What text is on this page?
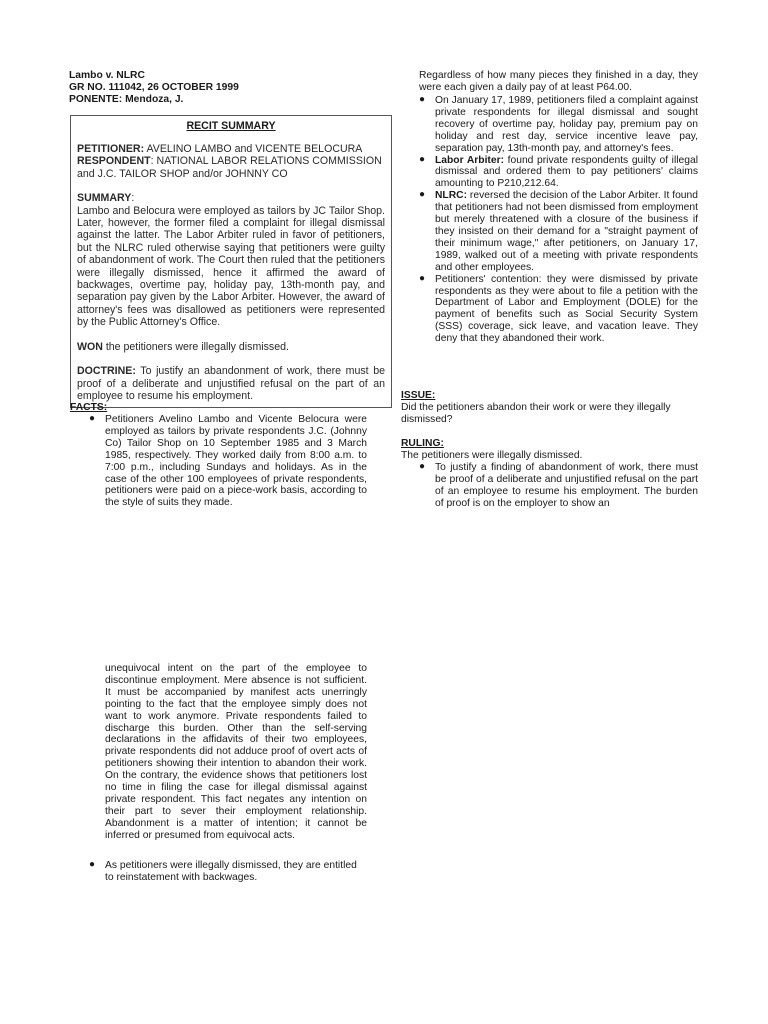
Lambo v. NLRC
GR NO. 111042, 26 OCTOBER 1999
PONENTE: Mendoza, J.
RECIT SUMMARY

PETITIONER: AVELINO LAMBO and VICENTE BELOCURA
RESPONDENT: NATIONAL LABOR RELATIONS COMMISSION and J.C. TAILOR SHOP and/or JOHNNY CO

SUMMARY:

Lambo and Belocura were employed as tailors by JC Tailor Shop. Later, however, the former filed a complaint for illegal dismissal against the latter. The Labor Arbiter ruled in favor of petitioners, but the NLRC ruled otherwise saying that petitioners were guilty of abandonment of work. The Court then ruled that the petitioners were illegally dismissed, hence it affirmed the award of backwages, overtime pay, holiday pay, 13th-month pay, and separation pay given by the Labor Arbiter. However, the award of attorney's fees was disallowed as petitioners were represented by the Public Attorney's Office.

WON the petitioners were illegally dismissed.

DOCTRINE: To justify an abandonment of work, there must be proof of a deliberate and unjustified refusal on the part of an employee to resume his employment.

FACTS:
● Petitioners Avelino Lambo and Vicente Belocura were employed as tailors by private respondents J.C. (Johnny Co) Tailor Shop on 10 September 1985 and 3 March 1985, respectively. They worked daily from 8:00 a.m. to 7:00 p.m., including Sundays and holidays. As in the case of the other 100 employees of private respondents, petitioners were paid on a piece-work basis, according to the style of suits they made.
Regardless of how many pieces they finished in a day, they were each given a daily pay of at least P64.00.
● On January 17, 1989, petitioners filed a complaint against private respondents for illegal dismissal and sought recovery of overtime pay, holiday pay, premium pay on holiday and rest day, service incentive leave pay, separation pay, 13th-month pay, and attorney's fees.
● Labor Arbiter: found private respondents guilty of illegal dismissal and ordered them to pay petitioners' claims amounting to P210,212.64.
● NLRC: reversed the decision of the Labor Arbiter. It found that petitioners had not been dismissed from employment but merely threatened with a closure of the business if they insisted on their demand for a "straight payment of their minimum wage," after petitioners, on January 17, 1989, walked out of a meeting with private respondents and other employees.
● Petitioners' contention: they were dismissed by private respondents as they were about to file a petition with the Department of Labor and Employment (DOLE) for the payment of benefits such as Social Security System (SSS) coverage, sick leave, and vacation leave. They deny that they abandoned their work.
ISSUE:
Did the petitioners abandon their work or were they illegally dismissed?
RULING:
The petitioners were illegally dismissed.
● To justify a finding of abandonment of work, there must be proof of a deliberate and unjustified refusal on the part of an employee to resume his employment. The burden of proof is on the employer to show an
unequivocal intent on the part of the employee to discontinue employment. Mere absence is not sufficient. It must be accompanied by manifest acts unerringly pointing to the fact that the employee simply does not want to work anymore. Private respondents failed to discharge this burden. Other than the self-serving declarations in the affidavits of their two employees, private respondents did not adduce proof of overt acts of petitioners showing their intention to abandon their work. On the contrary, the evidence shows that petitioners lost no time in filing the case for illegal dismissal against private respondent. This fact negates any intention on their part to sever their employment relationship. Abandonment is a matter of intention; it cannot be inferred or presumed from equivocal acts.
● As petitioners were illegally dismissed, they are entitled to reinstatement with backwages.
